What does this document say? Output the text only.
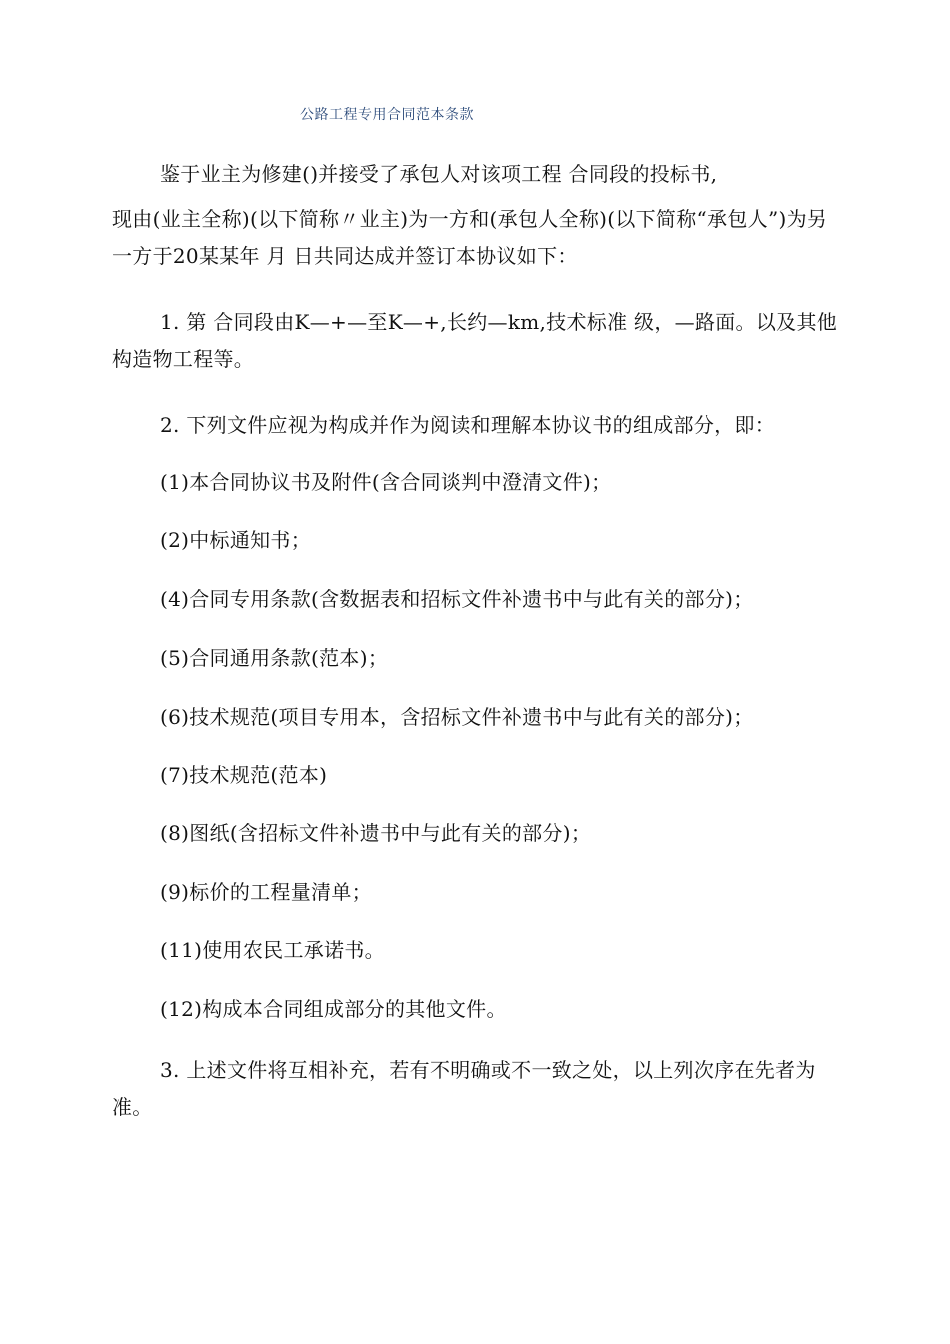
公路工程专用合同范本条款

鉴于业主为修建()并接受了承包人对该项工程 合同段的投标书,

现由(业主全称)(以下简称〃业主)为一方和(承包人全称)(以下简称“承包人”)为另一方于20某某年 月 日共同达成并签订本协议如下：

1. 第 合同段由K—+—至K—+,长约—km,技术标准 级，—路面。以及其他构造物工程等。

2. 下列文件应视为构成并作为阅读和理解本协议书的组成部分，即：

(1)本合同协议书及附件(含合同谈判中澄清文件)；

(2)中标通知书；

(4)合同专用条款(含数据表和招标文件补遗书中与此有关的部分)；

(5)合同通用条款(范本)；

(6)技术规范(项目专用本，含招标文件补遗书中与此有关的部分)；

(7)技术规范(范本)

(8)图纸(含招标文件补遗书中与此有关的部分)；

(9)标价的工程量清单；

(11)使用农民工承诺书。

(12)构成本合同组成部分的其他文件。

3. 上述文件将互相补充，若有不明确或不一致之处，以上列次序在先者为准。
